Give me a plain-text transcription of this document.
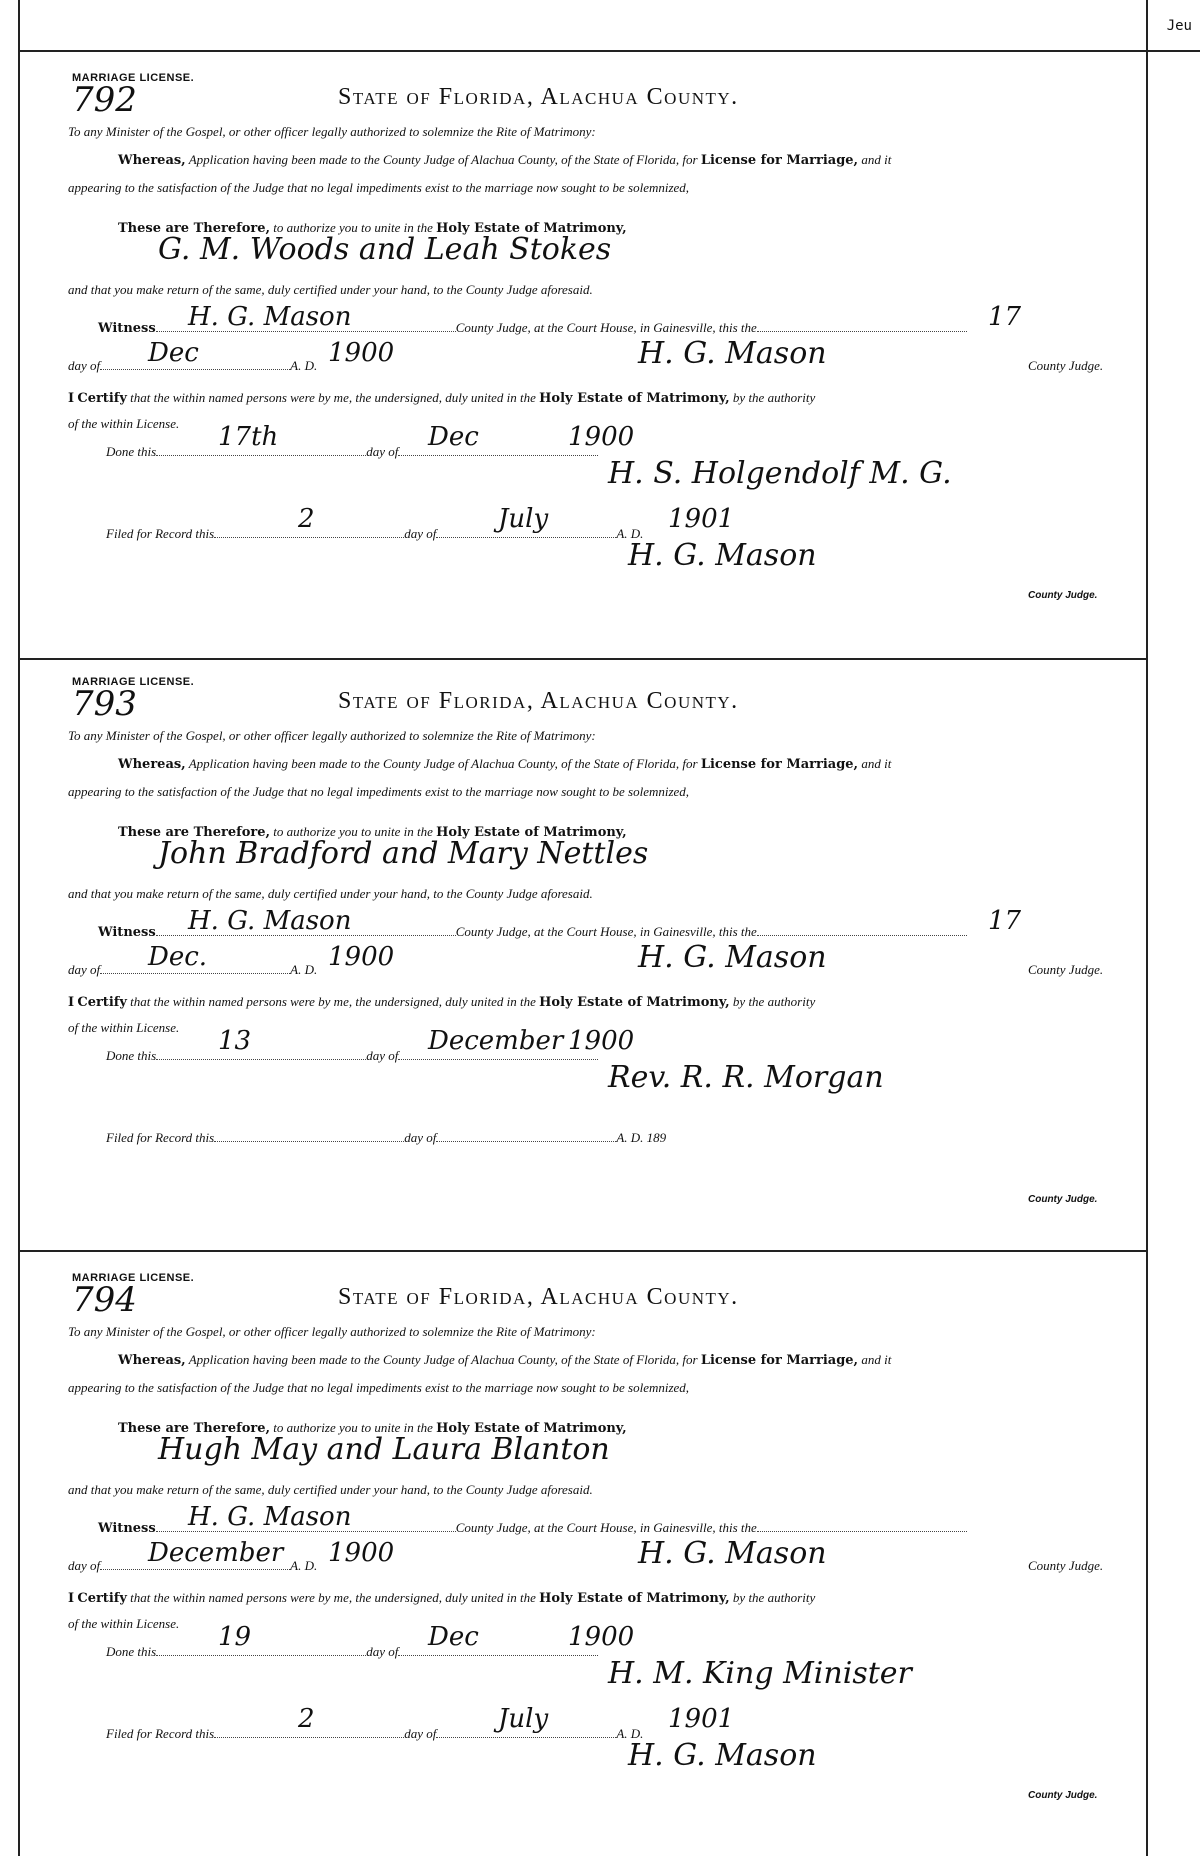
Jeu
MARRIAGE LICENSE.
792	State of Florida, Alachua County.
To any Minister of the Gospel, or other officer legally authorized to solemnize the Rite of Matrimony:
Whereas, Application having been made to the County Judge of Alachua County, of the State of Florida, for License for Marriage, and it
appearing to the satisfaction of the Judge that no legal impediments exist to the marriage now sought to be solemnized,
These are Therefore, to authorize you to unite in the Holy Estate of Matrimony,
G. M. Woods and Leah Stokes
and that you make return of the same, duly certified under your hand, to the County Judge aforesaid.
Witness	County Judge, at the Court House, in Gainesville, this the
H. G. Mason	17
day of	A. D.
Dec	1900	H. G. Mason	County Judge.
I Certify that the within named persons were by me, the undersigned, duly united in the Holy Estate of Matrimony, by the authority
of the within License.
Done this	day of
17th	Dec	1900
H. S. Holgendolf M. G.
Filed for Record this	day of	A. D.
2	July	1901
H. G. Mason
County Judge.
MARRIAGE LICENSE.
793	State of Florida, Alachua County.
To any Minister of the Gospel, or other officer legally authorized to solemnize the Rite of Matrimony:
Whereas, Application having been made to the County Judge of Alachua County, of the State of Florida, for License for Marriage, and it
appearing to the satisfaction of the Judge that no legal impediments exist to the marriage now sought to be solemnized,
These are Therefore, to authorize you to unite in the Holy Estate of Matrimony,
John Bradford and Mary Nettles
and that you make return of the same, duly certified under your hand, to the County Judge aforesaid.
Witness	County Judge, at the Court House, in Gainesville, this the
H. G. Mason	17
day of	A. D.
Dec.	1900	H. G. Mason	County Judge.
I Certify that the within named persons were by me, the undersigned, duly united in the Holy Estate of Matrimony, by the authority
of the within License.
Done this	day of
13	December 1900
Rev. R. R. Morgan
Filed for Record this	day of	A. D. 189
County Judge.
MARRIAGE LICENSE.
794	State of Florida, Alachua County.
To any Minister of the Gospel, or other officer legally authorized to solemnize the Rite of Matrimony:
Whereas, Application having been made to the County Judge of Alachua County, of the State of Florida, for License for Marriage, and it
appearing to the satisfaction of the Judge that no legal impediments exist to the marriage now sought to be solemnized,
These are Therefore, to authorize you to unite in the Holy Estate of Matrimony,
Hugh May and Laura Blanton
and that you make return of the same, duly certified under your hand, to the County Judge aforesaid.
Witness	County Judge, at the Court House, in Gainesville, this the
H. G. Mason
day of	A. D.
December 1900	H. G. Mason	County Judge.
I Certify that the within named persons were by me, the undersigned, duly united in the Holy Estate of Matrimony, by the authority
of the within License.
Done this	day of
19	Dec	1900
H. M. King Minister
Filed for Record this	day of	A. D.
2	July	1901
H. G. Mason
County Judge.
